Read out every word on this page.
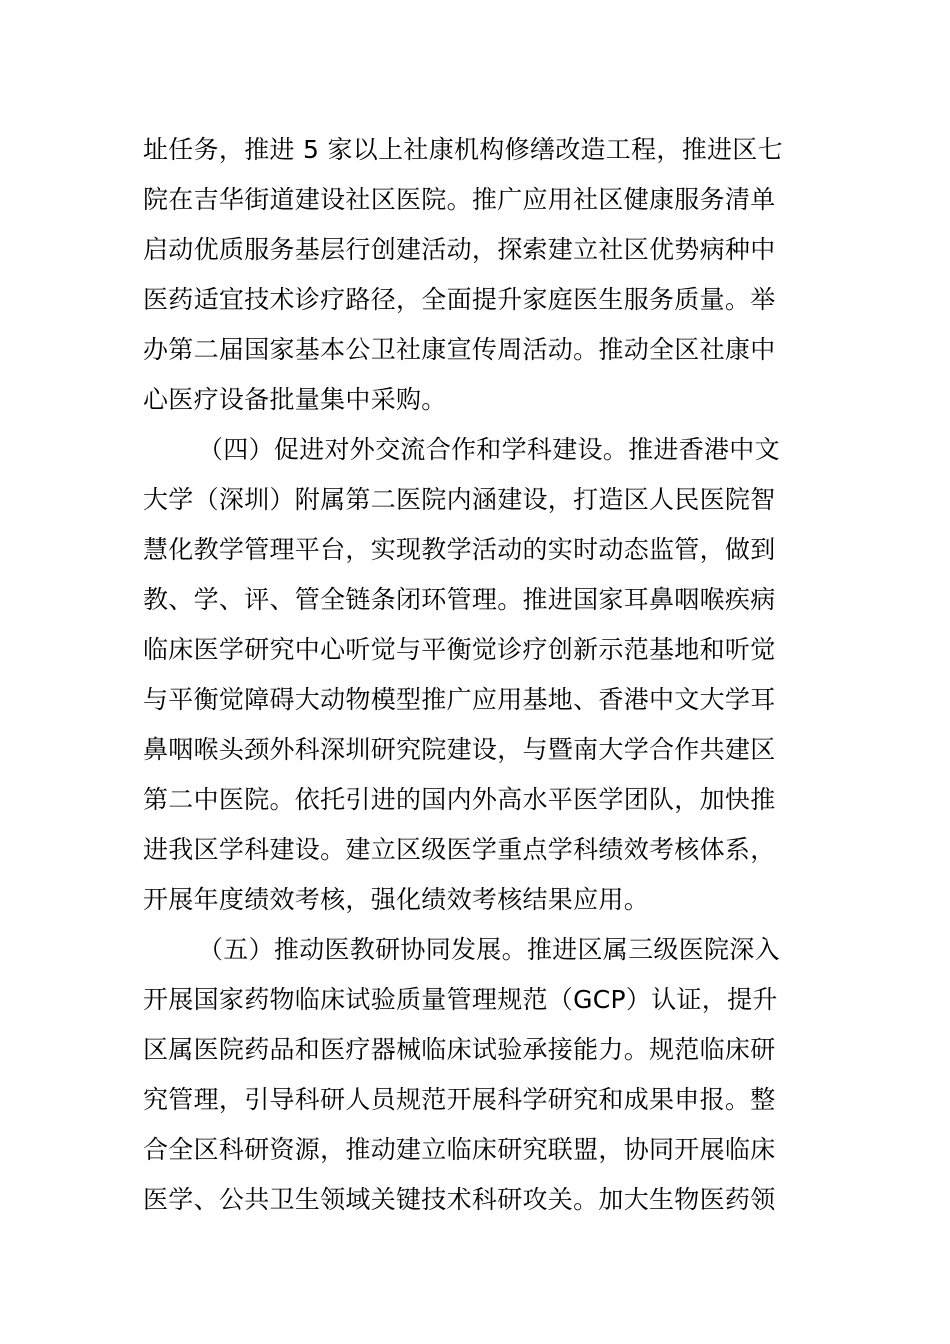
址任务，推进 5 家以上社康机构修缮改造工程，推进区七
院在吉华街道建设社区医院。推广应用社区健康服务清单
启动优质服务基层行创建活动，探索建立社区优势病种中
医药适宜技术诊疗路径，全面提升家庭医生服务质量。举
办第二届国家基本公卫社康宣传周活动。推动全区社康中
心医疗设备批量集中采购。
（四）促进对外交流合作和学科建设。推进香港中文
大学（深圳）附属第二医院内涵建设，打造区人民医院智
慧化教学管理平台，实现教学活动的实时动态监管，做到
教、学、评、管全链条闭环管理。推进国家耳鼻咽喉疾病
临床医学研究中心听觉与平衡觉诊疗创新示范基地和听觉
与平衡觉障碍大动物模型推广应用基地、香港中文大学耳
鼻咽喉头颈外科深圳研究院建设，与暨南大学合作共建区
第二中医院。依托引进的国内外高水平医学团队，加快推
进我区学科建设。建立区级医学重点学科绩效考核体系，
开展年度绩效考核，强化绩效考核结果应用。
（五）推动医教研协同发展。推进区属三级医院深入
开展国家药物临床试验质量管理规范（GCP）认证，提升
区属医院药品和医疗器械临床试验承接能力。规范临床研
究管理，引导科研人员规范开展科学研究和成果申报。整
合全区科研资源，推动建立临床研究联盟，协同开展临床
医学、公共卫生领域关键技术科研攻关。加大生物医药领
